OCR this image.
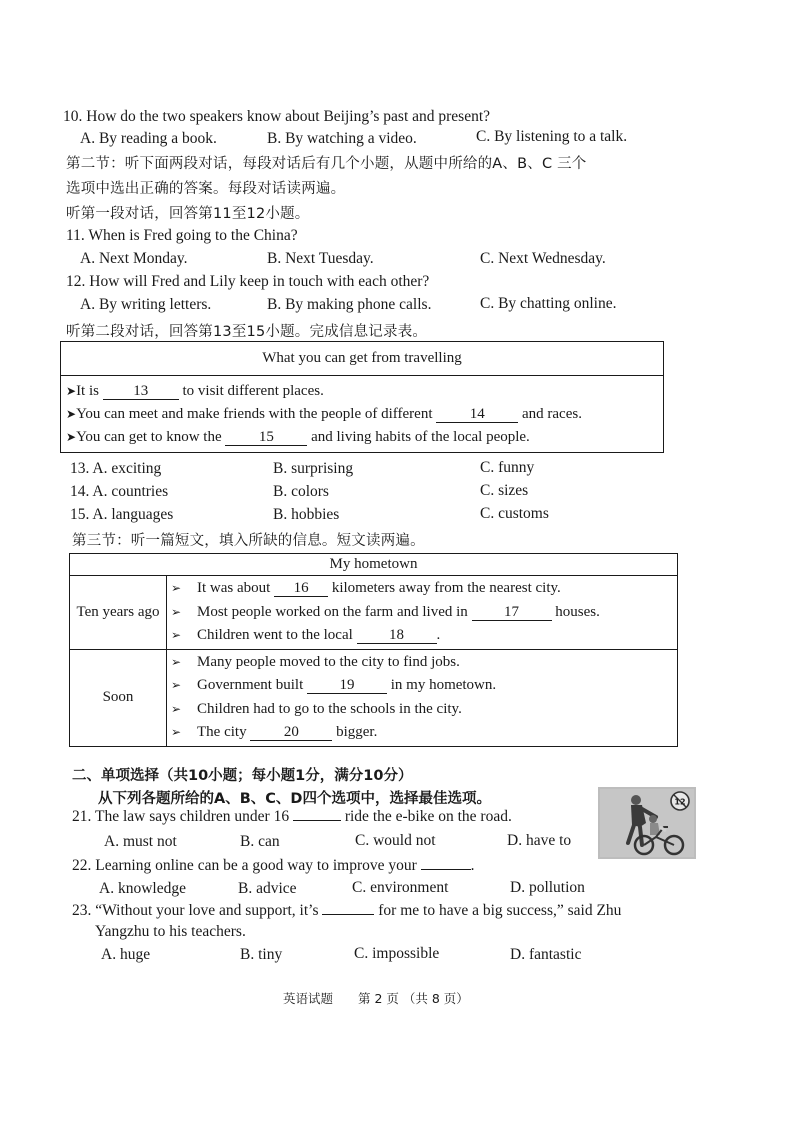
10. How do the two speakers know about Beijing’s past and present?
A. By reading a book.	B. By watching a video.	C. By listening to a talk.
第二节：听下面两段对话，每段对话后有几个小题，从题中所给的A、B、C 三个
选项中选出正确的答案。每段对话读两遍。
听第一段对话，回答第11至12小题。
11. When is Fred going to the China?
A. Next Monday.	B. Next Tuesday.	C. Next Wednesday.
12. How will Fred and Lily keep in touch with each other?
A. By writing letters.	B. By making phone calls.	C. By chatting online.
听第二段对话，回答第13至15小题。完成信息记录表。
What you can get from travelling

➤It is 13 to visit different places.
➤You can meet and make friends with the people of different 14 and races.
➤You can get to know the 15 and living habits of the local people.
13. A. exciting	B. surprising	C. funny
14. A. countries	B. colors	C. sizes
15. A. languages	B. hobbies	C. customs
第三节：听一篇短文，填入所缺的信息。短文读两遍。
My hometown	
Ten years ago	➢ It was about 16 kilometers away from the nearest city.
➢ Most people worked on the farm and lived in 17 houses.
➢ Children went to the local 18 .

Soon	➢ Many people moved to the city to find jobs.
➢ Government built 19 in my hometown.
➢ Children had to go to the schools in the city.
➢ The city 20 bigger.
二、单项选择（共10小题；每小题1分，满分10分）
从下列各题所给的A、B、C、D四个选项中，选择最佳选项。	12
21. The law says children under 16	ride the e-bike on the road.
A. must not	B. can	C. would not	D. have to
22. Learning online can be a good way to improve your	.
A. knowledge	B. advice	C. environment	D. pollution
23. “Without your love and support, it’s	for me to have a big success,” said Zhu
Yangzhu to his teachers.
A. huge	B. tiny	C. impossible	D. fantastic
英语试题 第 2 页 （共 8 页）
